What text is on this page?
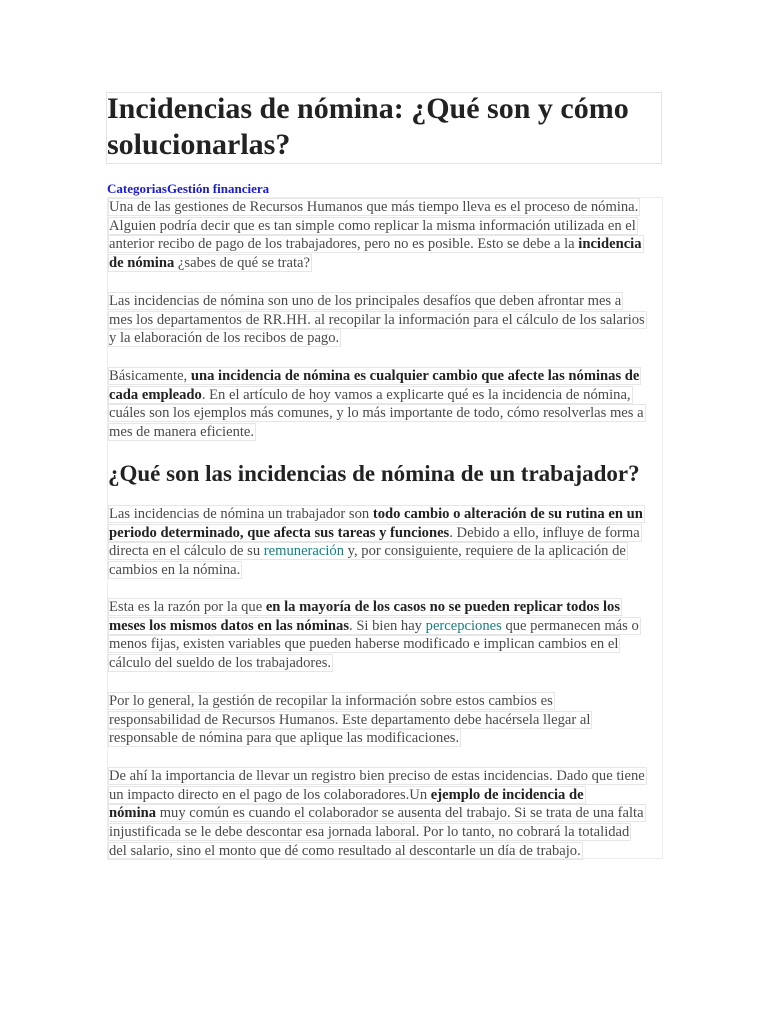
Incidencias de nómina: ¿Qué son y cómo
solucionarlas?
CategoriasGestión financiera

Una de las gestiones de Recursos Humanos que más tiempo lleva es el proceso de nómina.
Alguien podría decir que es tan simple como replicar la misma información utilizada en el
anterior recibo de pago de los trabajadores, pero no es posible. Esto se debe a la incidencia
de nómina ¿sabes de qué se trata?

Las incidencias de nómina son uno de los principales desafíos que deben afrontar mes a
mes los departamentos de RR.HH. al recopilar la información para el cálculo de los salarios
y la elaboración de los recibos de pago.

Básicamente, una incidencia de nómina es cualquier cambio que afecte las nóminas de
cada empleado. En el artículo de hoy vamos a explicarte qué es la incidencia de nómina,
cuáles son los ejemplos más comunes, y lo más importante de todo, cómo resolverlas mes a
mes de manera eficiente.

¿Qué son las incidencias de nómina de un trabajador?

Las incidencias de nómina un trabajador son todo cambio o alteración de su rutina en un
periodo determinado, que afecta sus tareas y funciones. Debido a ello, influye de forma
directa en el cálculo de su remuneración y, por consiguiente, requiere de la aplicación de
cambios en la nómina.

Esta es la razón por la que en la mayoría de los casos no se pueden replicar todos los
meses los mismos datos en las nóminas. Si bien hay percepciones que permanecen más o
menos fijas, existen variables que pueden haberse modificado e implican cambios en el
cálculo del sueldo de los trabajadores.

Por lo general, la gestión de recopilar la información sobre estos cambios es
responsabilidad de Recursos Humanos. Este departamento debe hacérsela llegar al
responsable de nómina para que aplique las modificaciones.

De ahí la importancia de llevar un registro bien preciso de estas incidencias. Dado que tiene
un impacto directo en el pago de los colaboradores.Un ejemplo de incidencia de
nómina muy común es cuando el colaborador se ausenta del trabajo. Si se trata de una falta
injustificada se le debe descontar esa jornada laboral. Por lo tanto, no cobrará la totalidad
del salario, sino el monto que dé como resultado al descontarle un día de trabajo.
